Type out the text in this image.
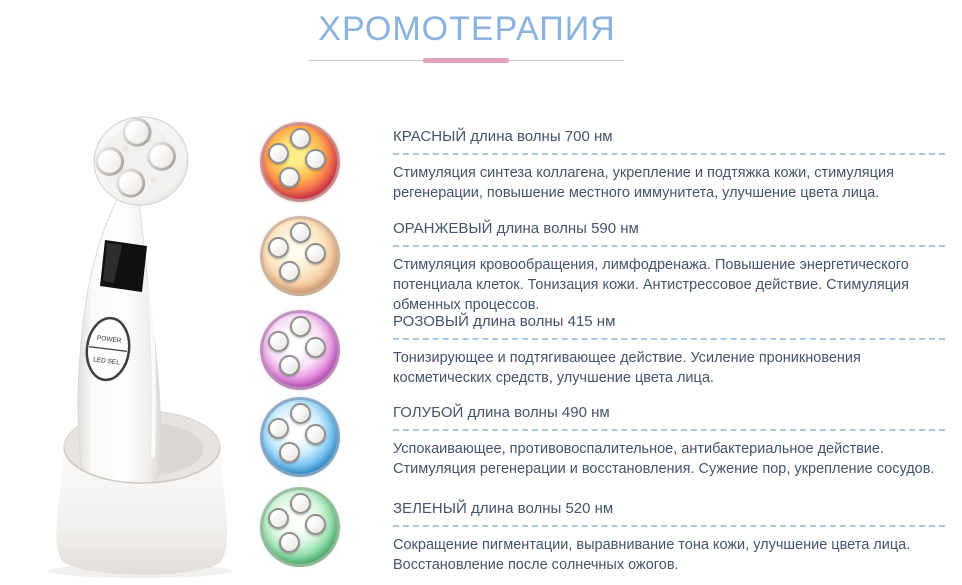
ХРОМОТЕРАПИЯ
POWER
LED SEL
КРАСНЫЙ длина волны 700 нм

Стимуляция синтеза коллагена, укрепление и подтяжка кожи, стимуляция регенерации, повышение местного иммунитета, улучшение цвета лица.

ОРАНЖЕВЫЙ длина волны 590 нм

Стимуляция кровообращения, лимфодренажа. Повышение энергетического потенциала клеток. Тонизация кожи. Антистрессовое действие. Стимуляция обменных процессов.

РОЗОВЫЙ длина волны 415 нм

Тонизирующее и подтягивающее действие. Усиление проникновения косметических средств, улучшение цвета лица.

ГОЛУБОЙ длина волны 490 нм

Успокаивающее, противовоспалительное, антибактериальное действие. Стимуляция регенерации и восстановления. Сужение пор, укрепление сосудов.

ЗЕЛЕНЫЙ длина волны 520 нм

Сокращение пигментации, выравнивание тона кожи, улучшение цвета лица. Восстановление после солнечных ожогов.
